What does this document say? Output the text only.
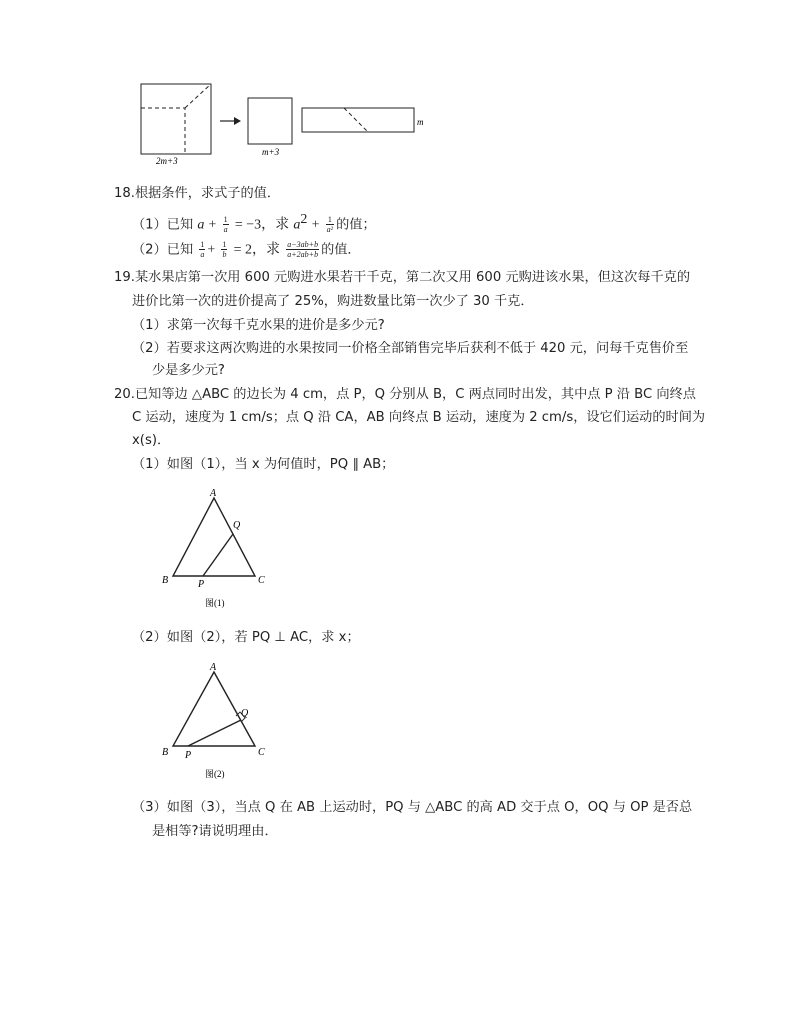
2m+3
m+3
m
18.根据条件，求式子的值．
（1）已知 $a + \frac{1}{a} = -3$，求 $a^2 + \frac{1}{\text{a²}}$ 的值；
（2）已知 $\frac{1}{a} + \frac{1}{b} = 2$，求 $\frac{a-3ab+b}{a+2ab+b}$ 的值．
19.某水果店第一次用 600 元购进水果若干千克，第二次又用 600 元购进该水果，但这次每千克的
进价比第一次的进价提高了 25%，购进数量比第一次少了 30 千克．
（1）求第一次每千克水果的进价是多少元?
（2）若要求这两次购进的水果按同一价格全部销售完毕后获利不低于 420 元，问每千克售价至
少是多少元?
20.已知等边 △ABC 的边长为 4 cm，点 P，Q 分别从 B，C 两点同时出发，其中点 P 沿 BC 向终点
C 运动，速度为 1 cm/s；点 Q 沿 CA，AB 向终点 B 运动，速度为 2 cm/s，设它们运动的时间为
x(s)．
（1）如图（1），当 x 为何值时，PQ ∥ AB；
A
B	C
P
Q
图(1)
（2）如图（2），若 PQ ⊥ AC，求 x；
A
B	C
P
Q
图(2)
（3）如图（3），当点 Q 在 AB 上运动时，PQ 与 △ABC 的高 AD 交于点 O，OQ 与 OP 是否总
是相等?请说明理由．
